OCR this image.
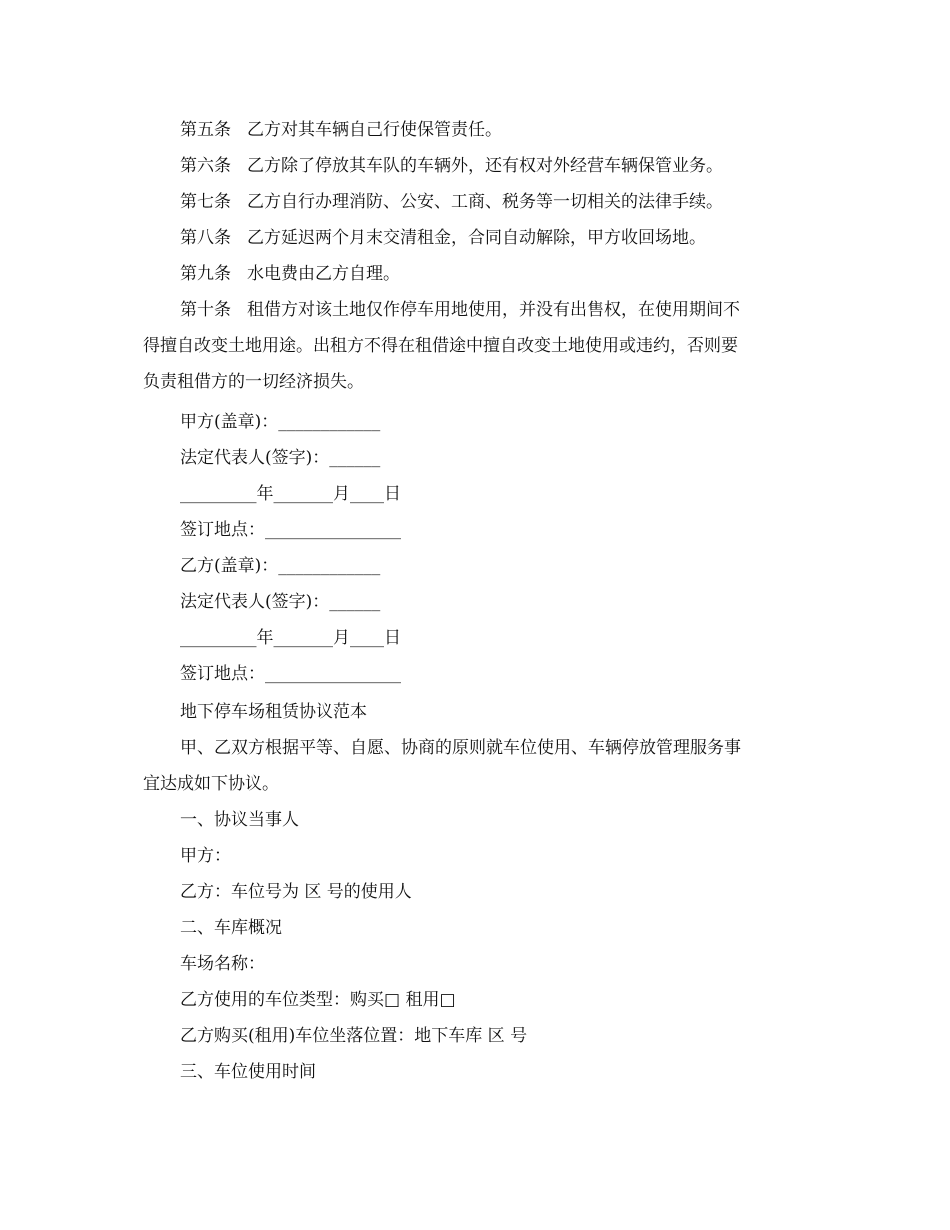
第五条 乙方对其车辆自己行使保管责任。

第六条 乙方除了停放其车队的车辆外，还有权对外经营车辆保管业务。

第七条 乙方自行办理消防、公安、工商、税务等一切相关的法律手续。

第八条 乙方延迟两个月末交清租金，合同自动解除，甲方收回场地。

第九条 水电费由乙方自理。

第十条 租借方对该土地仅作停车用地使用，并没有出售权，在使用期间不

得擅自改变土地用途。出租方不得在租借途中擅自改变土地使用或违约，否则要

负责租借方的一切经济损失。

甲方(盖章)：____________

法定代表人(签字)：______

_________年_______月____日

签订地点：________________

乙方(盖章)：____________

法定代表人(签字)：______

_________年_______月____日

签订地点：________________

地下停车场租赁协议范本

甲、乙双方根据平等、自愿、协商的原则就车位使用、车辆停放管理服务事

宜达成如下协议。

一、协议当事人

甲方：

乙方：车位号为 区 号的使用人

二、车库概况

车场名称：

乙方使用的车位类型：购买□ 租用□

乙方购买(租用)车位坐落位置：地下车库 区 号

三、车位使用时间
